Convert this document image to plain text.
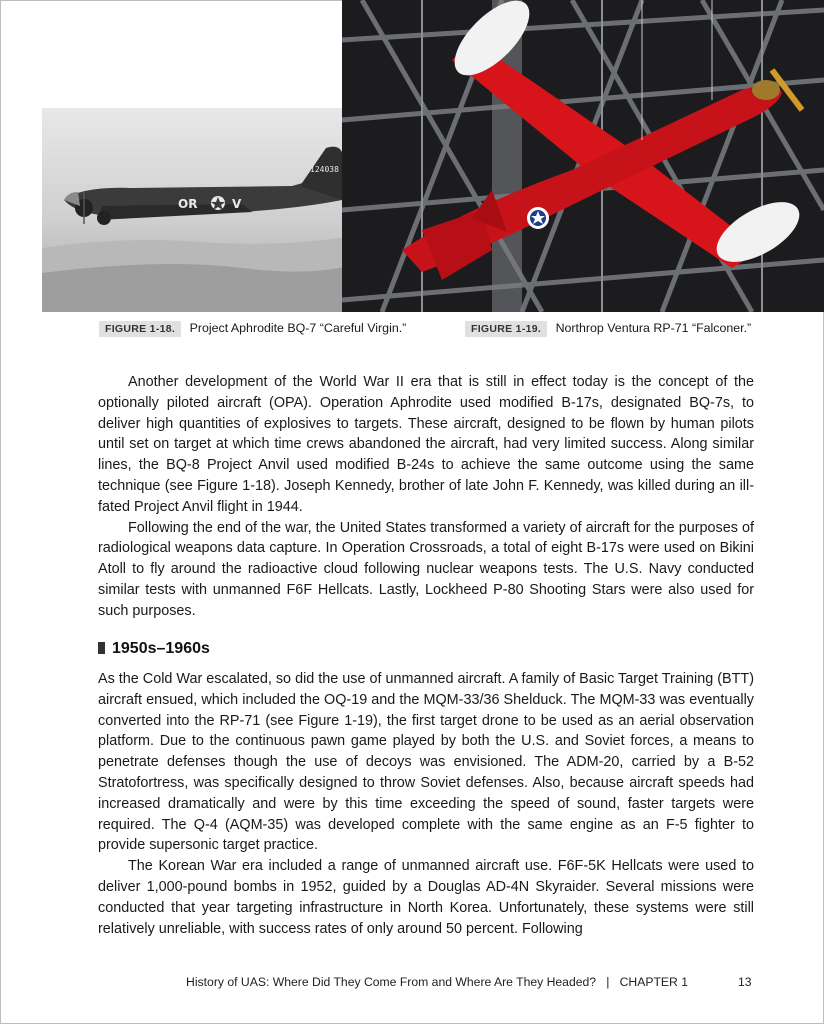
124038
OR	V
FIGURE 1-18. Project Aphrodite BQ-7 “Careful Virgin.”	FIGURE 1-19. Northrop Ventura RP-71 “Falconer.”

Another development of the World War II era that is still in effect today is the concept of the optionally piloted aircraft (OPA). Operation Aphrodite used modified B-17s, designated BQ-7s, to deliver high quantities of explosives to targets. These aircraft, designed to be flown by human pilots until set on target at which time crews abandoned the aircraft, had very limited success. Along similar lines, the BQ-8 Project Anvil used modified B-24s to achieve the same outcome using the same technique (see Figure 1-18). Joseph Kennedy, brother of late John F. Kennedy, was killed during an ill-fated Project Anvil flight in 1944.

Following the end of the war, the United States transformed a variety of aircraft for the purposes of radiological weapons data capture. In Operation Crossroads, a total of eight B-17s were used on Bikini Atoll to fly around the radioactive cloud following nuclear weapons tests. The U.S. Navy conducted similar tests with unmanned F6F Hellcats. Lastly, Lockheed P-80 Shooting Stars were also used for such purposes.

1950s–1960s

As the Cold War escalated, so did the use of unmanned aircraft. A family of Basic Target Training (BTT) aircraft ensued, which included the OQ-19 and the MQM-33/36 Shelduck. The MQM-33 was eventually converted into the RP-71 (see Figure 1-19), the first target drone to be used as an aerial observation platform. Due to the continuous pawn game played by both the U.S. and Soviet forces, a means to penetrate defenses though the use of decoys was envisioned. The ADM-20, carried by a B-52 Stratofortress, was specifically designed to throw Soviet defenses. Also, because aircraft speeds had increased dramatically and were by this time exceeding the speed of sound, faster targets were required. The Q-4 (AQM-35) was developed complete with the same engine as an F-5 fighter to provide supersonic target practice.

The Korean War era included a range of unmanned aircraft use. F6F-5K Hellcats were used to deliver 1,000-pound bombs in 1952, guided by a Douglas AD-4N Skyraider. Several missions were conducted that year targeting infrastructure in North Korea. Unfortunately, these systems were still relatively unreliable, with success rates of only around 50 percent. Following

History of UAS: Where Did They Come From and Where Are They Headed? | CHAPTER 1	13
